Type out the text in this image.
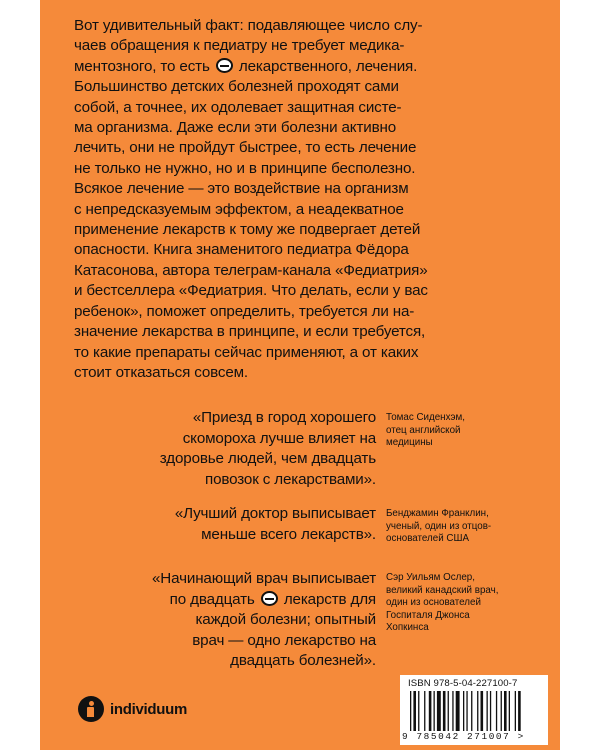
Вот удивительный факт: подавляющее число слу-
чаев обращения к педиатру не требует медика-
ментозного, то есть лекарственного, лечения.
Большинство детских болезней проходят сами
собой, а точнее, их одолевает защитная систе-
ма организма. Даже если эти болезни активно
лечить, они не пройдут быстрее, то есть лечение
не только не нужно, но и в принципе бесполезно.
Всякое лечение — это воздействие на организм
с непредсказуемым эффектом, а неадекватное
применение лекарств к тому же подвергает детей
опасности. Книга знаменитого педиатра Фёдора
Катасонова, автора телеграм-канала «Федиатрия»
и бестселлера «Федиатрия. Что делать, если у вас
ребенок», поможет определить, требуется ли на-
значение лекарства в принципе, и если требуется,
то какие препараты сейчас применяют, а от каких
стоит отказаться совсем.
«Приезд в город хорошего
скомороха лучше влияет на
здоровье людей, чем двадцать
повозок с лекарствами».
Томас Сиденхэм,
отец английской
медицины
«Лучший доктор выписывает
меньше всего лекарств».
Бенджамин Франклин,
ученый, один из отцов-
основателей США
«Начинающий врач выписывает
по двадцать лекарств для
каждой болезни; опытный
врач — одно лекарство на
двадцать болезней».
Сэр Уильям Ослер,
великий канадский врач,
один из основателей
Госпиталя Джонса
Хопкинса
individuum
ISBN 978-5-04-227100-7
9 785042 271007 >
